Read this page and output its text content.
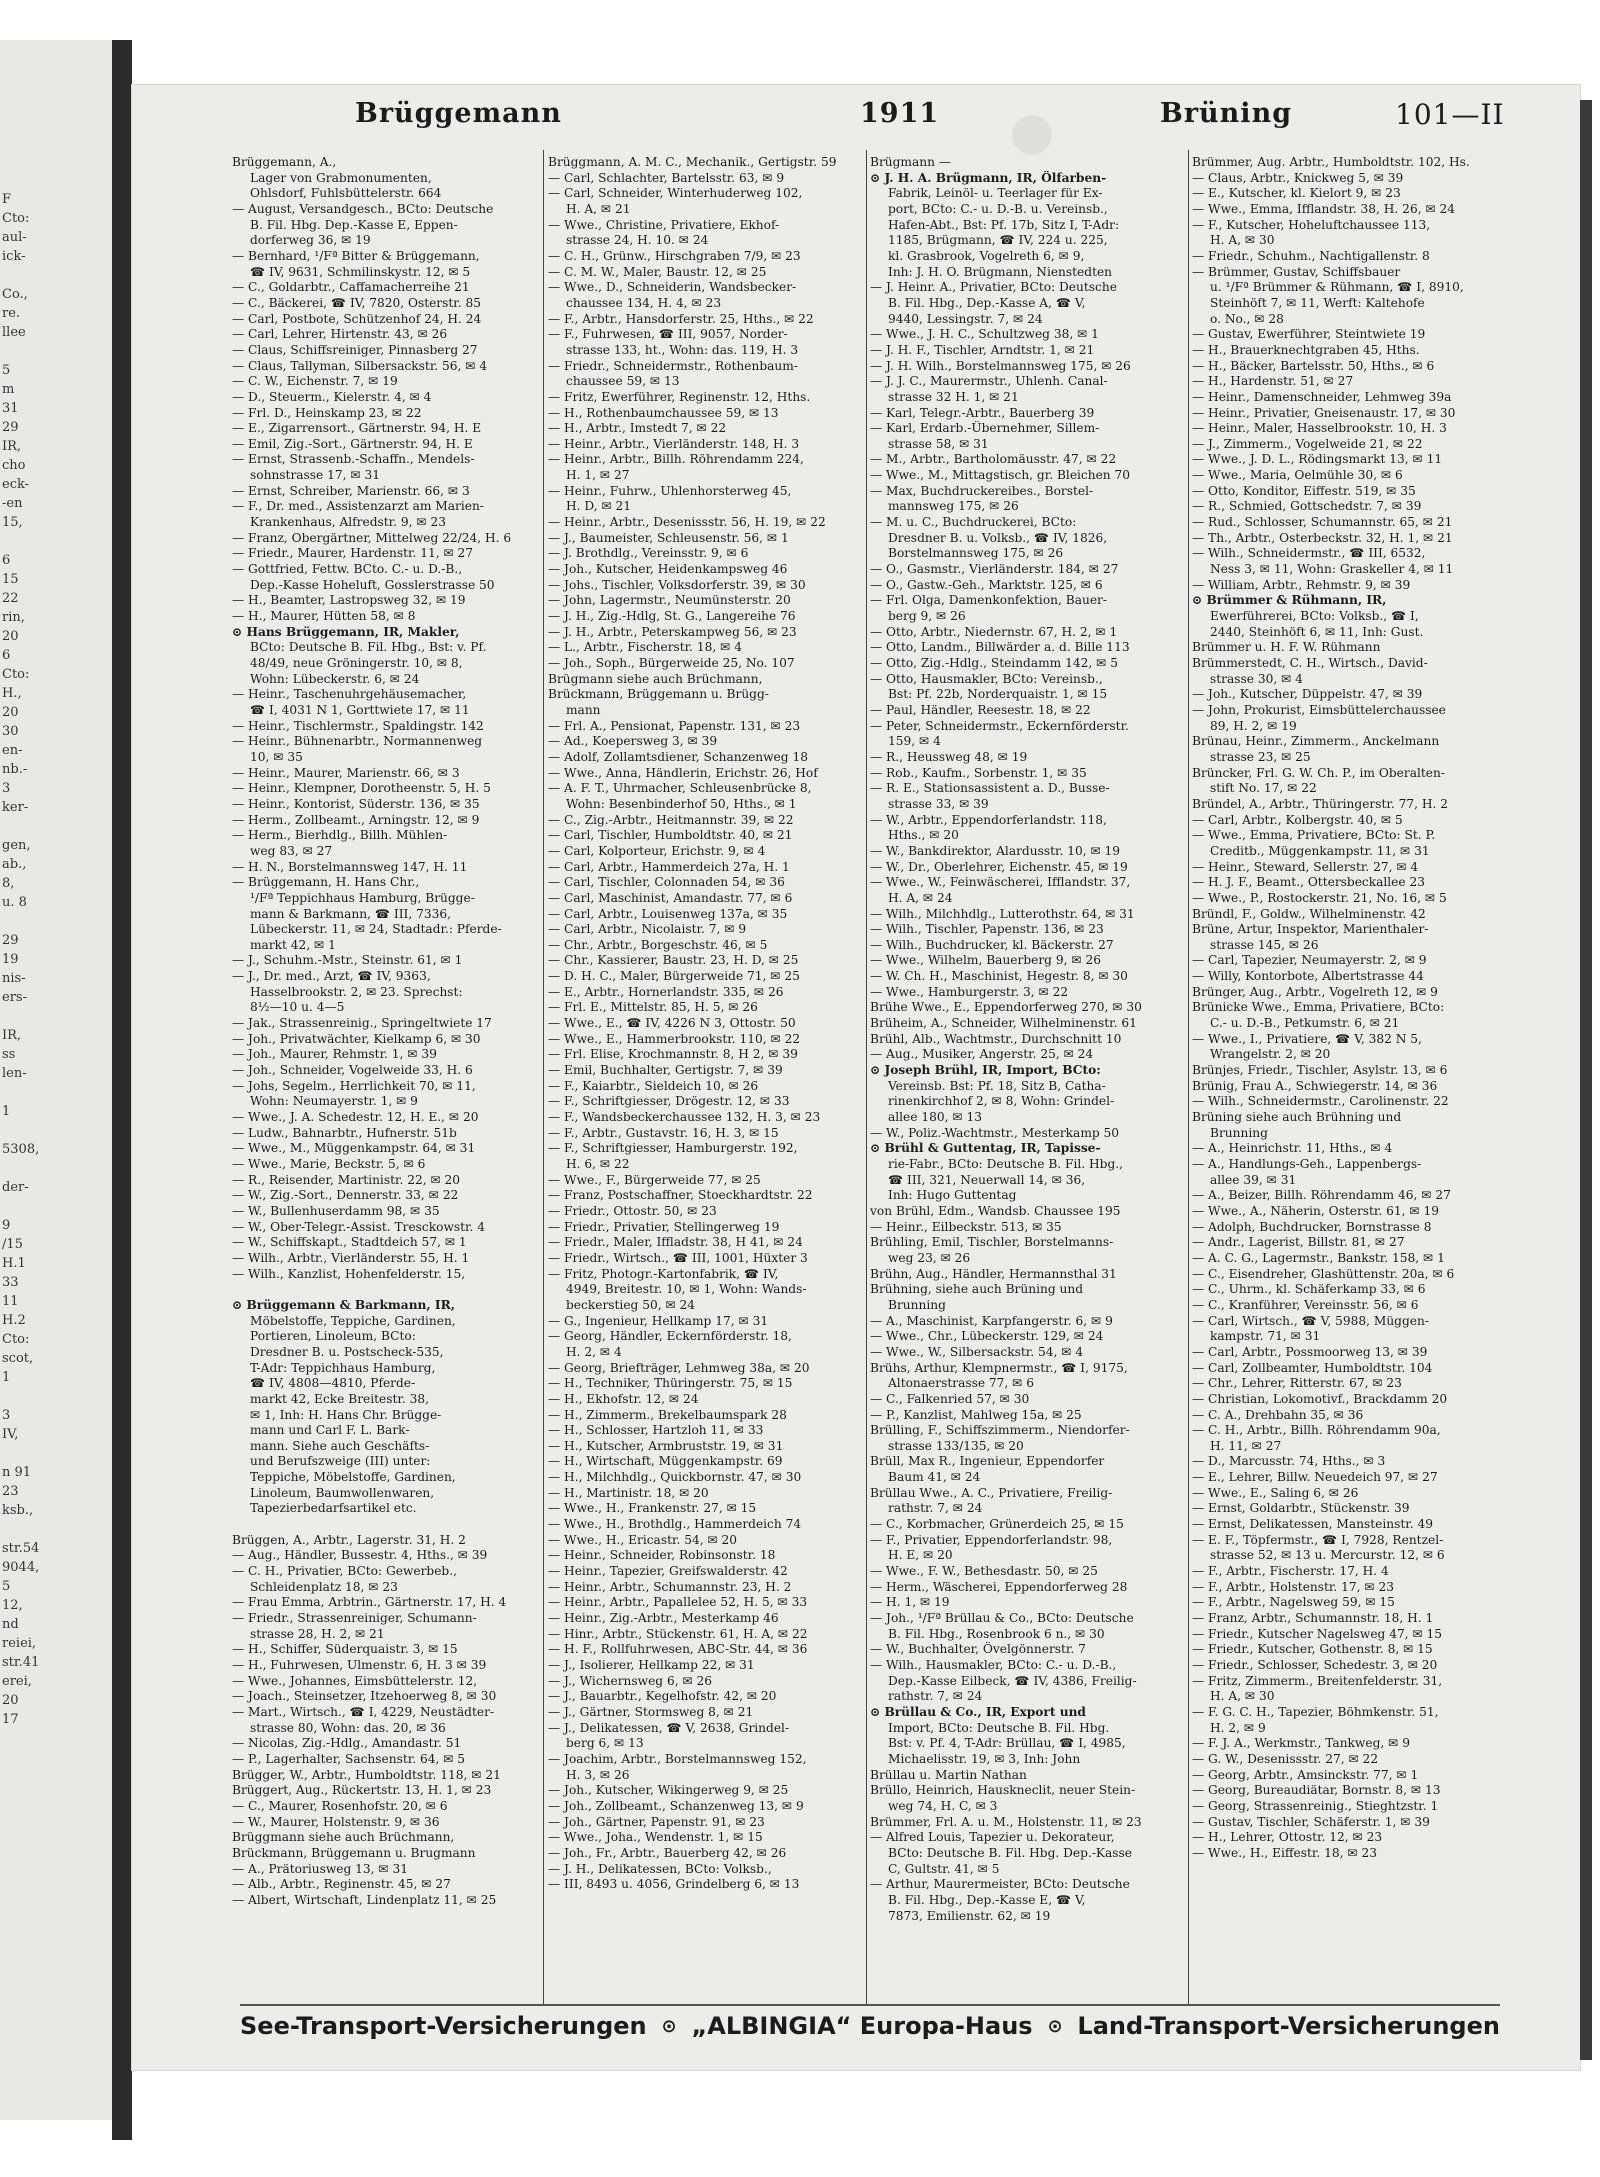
F
Cto:
aul-
ick-

Co.,
re.
llee

5
m
31
29
IR,
cho
eck-
-en
15,

6
15
22
rin,
20
6
Cto:
H.,
20
30
en-
nb.-
3
ker-

gen,
ab.,
8,
u. 8

29
19
nis-
ers-

IR,
ss
len-

1

5308,

der-

9
/15
H.1
33
11
H.2
Cto:
scot,
1

3
IV,

n 91
23
ksb.,

str.54
9044,
5
12,
nd
reiei,
str.41
erei,
20
17
Brüggemann	1911	Brüning	101—II
Brüggemann, A.,
Lager von Grabmonumenten,
Ohlsdorf, Fuhlsbüttelerstr. 664
— August, Versandgesch., BCto: Deutsche
B. Fil. Hbg. Dep.-Kasse E, Eppen-
dorferweg 36, ✉ 19
— Bernhard, ¹/Fª Bitter & Brüggemann,
☎ IV, 9631, Schmilinskystr. 12, ✉ 5
— C., Goldarbtr., Caffamacherreihe 21
— C., Bäckerei, ☎ IV, 7820, Osterstr. 85
— Carl, Postbote, Schützenhof 24, H. 24
— Carl, Lehrer, Hirtenstr. 43, ✉ 26
— Claus, Schiffsreiniger, Pinnasberg 27
— Claus, Tallyman, Silbersackstr. 56, ✉ 4
— C. W., Eichenstr. 7, ✉ 19
— D., Steuerm., Kielerstr. 4, ✉ 4
— Frl. D., Heinskamp 23, ✉ 22
— E., Zigarrensort., Gärtnerstr. 94, H. E
— Emil, Zig.-Sort., Gärtnerstr. 94, H. E
— Ernst, Strassenb.-Schaffn., Mendels-
sohnstrasse 17, ✉ 31
— Ernst, Schreiber, Marienstr. 66, ✉ 3
— F., Dr. med., Assistenzarzt am Marien-
Krankenhaus, Alfredstr. 9, ✉ 23
— Franz, Obergärtner, Mittelweg 22/24, H. 6
— Friedr., Maurer, Hardenstr. 11, ✉ 27
— Gottfried, Fettw. BCto. C.- u. D.-B.,
Dep.-Kasse Hoheluft, Gosslerstrasse 50
— H., Beamter, Lastropsweg 32, ✉ 19
— H., Maurer, Hütten 58, ✉ 8
⊙ Hans Brüggemann, IR, Makler,
BCto: Deutsche B. Fil. Hbg., Bst: v. Pf.
48/49, neue Gröningerstr. 10, ✉ 8,
Wohn: Lübeckerstr. 6, ✉ 24
— Heinr., Taschenuhrgehäusemacher,
☎ I, 4031 N 1, Gorttwiete 17, ✉ 11
— Heinr., Tischlermstr., Spaldingstr. 142
— Heinr., Bühnenarbtr., Normannenweg
10, ✉ 35
— Heinr., Maurer, Marienstr. 66, ✉ 3
— Heinr., Klempner, Dorotheenstr. 5, H. 5
— Heinr., Kontorist, Süderstr. 136, ✉ 35
— Herm., Zollbeamt., Arningstr. 12, ✉ 9
— Herm., Bierhdlg., Billh. Mühlen-
weg 83, ✉ 27
— H. N., Borstelmannsweg 147, H. 11
— Brüggemann, H. Hans Chr.,
¹/Fª Teppichhaus Hamburg, Brügge-
mann & Barkmann, ☎ III, 7336,
Lübeckerstr. 11, ✉ 24, Stadtadr.: Pferde-
markt 42, ✉ 1
— J., Schuhm.-Mstr., Steinstr. 61, ✉ 1
— J., Dr. med., Arzt, ☎ IV, 9363,
Hasselbrookstr. 2, ✉ 23. Sprechst:
8½—10 u. 4—5
— Jak., Strassenreinig., Springeltwiete 17
— Joh., Privatwächter, Kielkamp 6, ✉ 30
— Joh., Maurer, Rehmstr. 1, ✉ 39
— Joh., Schneider, Vogelweide 33, H. 6
— Johs, Segelm., Herrlichkeit 70, ✉ 11,
Wohn: Neumayerstr. 1, ✉ 9
— Wwe., J. A. Schedestr. 12, H. E., ✉ 20
— Ludw., Bahnarbtr., Hufnerstr. 51b
— Wwe., M., Müggenkampstr. 64, ✉ 31
— Wwe., Marie, Beckstr. 5, ✉ 6
— R., Reisender, Martinistr. 22, ✉ 20
— W., Zig.-Sort., Dennerstr. 33, ✉ 22
— W., Bullenhuserdamm 98, ✉ 35
— W., Ober-Telegr.-Assist. Tresckowstr. 4
— W., Schiffskapt., Stadtdeich 57, ✉ 1
— Wilh., Arbtr., Vierländerstr. 55, H. 1
— Wilh., Kanzlist, Hohenfelderstr. 15,

⊙ Brüggemann & Barkmann, IR,
Möbelstoffe, Teppiche, Gardinen,
Portieren, Linoleum, BCto:
Dresdner B. u. Postscheck-535,
T-Adr: Teppichhaus Hamburg,
☎ IV, 4808—4810, Pferde-
markt 42, Ecke Breitestr. 38,
✉ 1, Inh: H. Hans Chr. Brügge-
mann und Carl F. L. Bark-
mann. Siehe auch Geschäfts-
und Berufszweige (III) unter:
Teppiche, Möbelstoffe, Gardinen,
Linoleum, Baumwollenwaren,
Tapezierbedarfsartikel etc.

Brüggen, A., Arbtr., Lagerstr. 31, H. 2
— Aug., Händler, Bussestr. 4, Hths., ✉ 39
— C. H., Privatier, BCto: Gewerbeb.,
Schleidenplatz 18, ✉ 23
— Frau Emma, Arbtrin., Gärtnerstr. 17, H. 4
— Friedr., Strassenreiniger, Schumann-
strasse 28, H. 2, ✉ 21
— H., Schiffer, Süderquaistr. 3, ✉ 15
— H., Fuhrwesen, Ulmenstr. 6, H. 3 ✉ 39
— Wwe., Johannes, Eimsbüttelerstr. 12,
— Joach., Steinsetzer, Itzehoerweg 8, ✉ 30
— Mart., Wirtsch., ☎ I, 4229, Neustädter-
strasse 80, Wohn: das. 20, ✉ 36
— Nicolas, Zig.-Hdlg., Amandastr. 51
— P., Lagerhalter, Sachsenstr. 64, ✉ 5
Brügger, W., Arbtr., Humboldtstr. 118, ✉ 21
Brüggert, Aug., Rückertstr. 13, H. 1, ✉ 23
— C., Maurer, Rosenhofstr. 20, ✉ 6
— W., Maurer, Holstenstr. 9, ✉ 36
Brüggmann siehe auch Brüchmann,
Brückmann, Brüggemann u. Brugmann
— A., Prätoriusweg 13, ✉ 31
— Alb., Arbtr., Reginenstr. 45, ✉ 27
— Albert, Wirtschaft, Lindenplatz 11, ✉ 25
Brüggmann, A. M. C., Mechanik., Gertigstr. 59
— Carl, Schlachter, Bartelsstr. 63, ✉ 9
— Carl, Schneider, Winterhuderweg 102,
H. A, ✉ 21
— Wwe., Christine, Privatiere, Ekhof-
strasse 24, H. 10. ✉ 24
— C. H., Grünw., Hirschgraben 7/9, ✉ 23
— C. M. W., Maler, Baustr. 12, ✉ 25
— Wwe., D., Schneiderin, Wandsbecker-
chaussee 134, H. 4, ✉ 23
— F., Arbtr., Hansdorferstr. 25, Hths., ✉ 22
— F., Fuhrwesen, ☎ III, 9057, Norder-
strasse 133, ht., Wohn: das. 119, H. 3
— Friedr., Schneidermstr., Rothenbaum-
chaussee 59, ✉ 13
— Fritz, Ewerführer, Reginenstr. 12, Hths.
— H., Rothenbaumchaussee 59, ✉ 13
— H., Arbtr., Imstedt 7, ✉ 22
— Heinr., Arbtr., Vierländerstr. 148, H. 3
— Heinr., Arbtr., Billh. Röhrendamm 224,
H. 1, ✉ 27
— Heinr., Fuhrw., Uhlenhorsterweg 45,
H. D, ✉ 21
— Heinr., Arbtr., Desenissstr. 56, H. 19, ✉ 22
— J., Baumeister, Schleusenstr. 56, ✉ 1
— J. Brothdlg., Vereinsstr. 9, ✉ 6
— Joh., Kutscher, Heidenkampsweg 46
— Johs., Tischler, Volksdorferstr. 39, ✉ 30
— John, Lagermstr., Neumünsterstr. 20
— J. H., Zig.-Hdlg, St. G., Langereihe 76
— J. H., Arbtr., Peterskampweg 56, ✉ 23
— L., Arbtr., Fischerstr. 18, ✉ 4
— Joh., Soph., Bürgerweide 25, No. 107
Brügmann siehe auch Brüchmann,
Brückmann, Brüggemann u. Brügg-
mann
— Frl. A., Pensionat, Papenstr. 131, ✉ 23
— Ad., Koepersweg 3, ✉ 39
— Adolf, Zollamtsdiener, Schanzenweg 18
— Wwe., Anna, Händlerin, Erichstr. 26, Hof
— A. F. T., Uhrmacher, Schleusenbrücke 8,
Wohn: Besenbinderhof 50, Hths., ✉ 1
— C., Zig.-Arbtr., Heitmannstr. 39, ✉ 22
— Carl, Tischler, Humboldtstr. 40, ✉ 21
— Carl, Kolporteur, Erichstr. 9, ✉ 4
— Carl, Arbtr., Hammerdeich 27a, H. 1
— Carl, Tischler, Colonnaden 54, ✉ 36
— Carl, Maschinist, Amandastr. 77, ✉ 6
— Carl, Arbtr., Louisenweg 137a, ✉ 35
— Carl, Arbtr., Nicolaistr. 7, ✉ 9
— Chr., Arbtr., Borgeschstr. 46, ✉ 5
— Chr., Kassierer, Baustr. 23, H. D, ✉ 25
— D. H. C., Maler, Bürgerweide 71, ✉ 25
— E., Arbtr., Hornerlandstr. 335, ✉ 26
— Frl. E., Mittelstr. 85, H. 5, ✉ 26
— Wwe., E., ☎ IV, 4226 N 3, Ottostr. 50
— Wwe., E., Hammerbrookstr. 110, ✉ 22
— Frl. Elise, Krochmannstr. 8, H 2, ✉ 39
— Emil, Buchhalter, Gertigstr. 7, ✉ 39
— F., Kaiarbtr., Sieldeich 10, ✉ 26
— F., Schriftgiesser, Drögestr. 12, ✉ 33
— F., Wandsbeckerchaussee 132, H. 3, ✉ 23
— F., Arbtr., Gustavstr. 16, H. 3, ✉ 15
— F., Schriftgiesser, Hamburgerstr. 192,
H. 6, ✉ 22
— Wwe., F., Bürgerweide 77, ✉ 25
— Franz, Postschaffner, Stoeckhardtstr. 22
— Friedr., Ottostr. 50, ✉ 23
— Friedr., Privatier, Stellingerweg 19
— Friedr., Maler, Iffladstr. 38, H 41, ✉ 24
— Friedr., Wirtsch., ☎ III, 1001, Hüxter 3
— Fritz, Photogr.-Kartonfabrik, ☎ IV,
4949, Breitestr. 10, ✉ 1, Wohn: Wands-
beckerstieg 50, ✉ 24
— G., Ingenieur, Hellkamp 17, ✉ 31
— Georg, Händler, Eckernförderstr. 18,
H. 2, ✉ 4
— Georg, Briefträger, Lehmweg 38a, ✉ 20
— H., Techniker, Thüringerstr. 75, ✉ 15
— H., Ekhofstr. 12, ✉ 24
— H., Zimmerm., Brekelbaumspark 28
— H., Schlosser, Hartzloh 11, ✉ 33
— H., Kutscher, Armbruststr. 19, ✉ 31
— H., Wirtschaft, Müggenkampstr. 69
— H., Milchhdlg., Quickbornstr. 47, ✉ 30
— H., Martinistr. 18, ✉ 20
— Wwe., H., Frankenstr. 27, ✉ 15
— Wwe., H., Brothdlg., Hammerdeich 74
— Wwe., H., Ericastr. 54, ✉ 20
— Heinr., Schneider, Robinsonstr. 18
— Heinr., Tapezier, Greifswalderstr. 42
— Heinr., Arbtr., Schumannstr. 23, H. 2
— Heinr., Arbtr., Papallelee 52, H. 5, ✉ 33
— Heinr., Zig.-Arbtr., Mesterkamp 46
— Hinr., Arbtr., Stückenstr. 61, H. A, ✉ 22
— H. F., Rollfuhrwesen, ABC-Str. 44, ✉ 36
— J., Isolierer, Hellkamp 22, ✉ 31
— J., Wichernsweg 6, ✉ 26
— J., Bauarbtr., Kegelhofstr. 42, ✉ 20
— J., Gärtner, Stormsweg 8, ✉ 21
— J., Delikatessen, ☎ V, 2638, Grindel-
berg 6, ✉ 13
— Joachim, Arbtr., Borstelmannsweg 152,
H. 3, ✉ 26
— Joh., Kutscher, Wikingerweg 9, ✉ 25
— Joh., Zollbeamt., Schanzenweg 13, ✉ 9
— Joh., Gärtner, Papenstr. 91, ✉ 23
— Wwe., Joha., Wendenstr. 1, ✉ 15
— Joh., Fr., Arbtr., Bauerberg 42, ✉ 26
— J. H., Delikatessen, BCto: Volksb.,
— III, 8493 u. 4056, Grindelberg 6, ✉ 13
Brügmann —
⊙ J. H. A. Brügmann, IR, Ölfarben-
Fabrik, Leinöl- u. Teerlager für Ex-
port, BCto: C.- u. D.-B. u. Vereinsb.,
Hafen-Abt., Bst: Pf. 17b, Sitz I, T-Adr:
1185, Brügmann, ☎ IV, 224 u. 225,
kl. Grasbrook, Vogelreth 6, ✉ 9,
Inh: J. H. O. Brügmann, Nienstedten
— J. Heinr. A., Privatier, BCto: Deutsche
B. Fil. Hbg., Dep.-Kasse A, ☎ V,
9440, Lessingstr. 7, ✉ 24
— Wwe., J. H. C., Schultzweg 38, ✉ 1
— J. H. F., Tischler, Arndtstr. 1, ✉ 21
— J. H. Wilh., Borstelmannsweg 175, ✉ 26
— J. J. C., Maurermstr., Uhlenh. Canal-
strasse 32 H. 1, ✉ 21
— Karl, Telegr.-Arbtr., Bauerberg 39
— Karl, Erdarb.-Übernehmer, Sillem-
strasse 58, ✉ 31
— M., Arbtr., Bartholomäusstr. 47, ✉ 22
— Wwe., M., Mittagstisch, gr. Bleichen 70
— Max, Buchdruckereibes., Borstel-
mannsweg 175, ✉ 26
— M. u. C., Buchdruckerei, BCto:
Dresdner B. u. Volksb., ☎ IV, 1826,
Borstelmannsweg 175, ✉ 26
— O., Gasmstr., Vierländerstr. 184, ✉ 27
— O., Gastw.-Geh., Marktstr. 125, ✉ 6
— Frl. Olga, Damenkonfektion, Bauer-
berg 9, ✉ 26
— Otto, Arbtr., Niedernstr. 67, H. 2, ✉ 1
— Otto, Landm., Billwärder a. d. Bille 113
— Otto, Zig.-Hdlg., Steindamm 142, ✉ 5
— Otto, Hausmakler, BCto: Vereinsb.,
Bst: Pf. 22b, Norderquaistr. 1, ✉ 15
— Paul, Händler, Reesestr. 18, ✉ 22
— Peter, Schneidermstr., Eckernförderstr.
159, ✉ 4
— R., Heussweg 48, ✉ 19
— Rob., Kaufm., Sorbenstr. 1, ✉ 35
— R. E., Stationsassistent a. D., Busse-
strasse 33, ✉ 39
— W., Arbtr., Eppendorferlandstr. 118,
Hths., ✉ 20
— W., Bankdirektor, Alardusstr. 10, ✉ 19
— W., Dr., Oberlehrer, Eichenstr. 45, ✉ 19
— Wwe., W., Feinwäscherei, Ifflandstr. 37,
H. A, ✉ 24
— Wilh., Milchhdlg., Lutterothstr. 64, ✉ 31
— Wilh., Tischler, Papenstr. 136, ✉ 23
— Wilh., Buchdrucker, kl. Bäckerstr. 27
— Wwe., Wilhelm, Bauerberg 9, ✉ 26
— W. Ch. H., Maschinist, Hegestr. 8, ✉ 30
— Wwe., Hamburgerstr. 3, ✉ 22
Brühe Wwe., E., Eppendorferweg 270, ✉ 30
Brüheim, A., Schneider, Wilhelminenstr. 61
Brühl, Alb., Wachtmstr., Durchschnitt 10
— Aug., Musiker, Angerstr. 25, ✉ 24
⊙ Joseph Brühl, IR, Import, BCto:
Vereinsb. Bst: Pf. 18, Sitz B, Catha-
rinenkirchhof 2, ✉ 8, Wohn: Grindel-
allee 180, ✉ 13
— W., Poliz.-Wachtmstr., Mesterkamp 50
⊙ Brühl & Guttentag, IR, Tapisse-
rie-Fabr., BCto: Deutsche B. Fil. Hbg.,
☎ III, 321, Neuerwall 14, ✉ 36,
Inh: Hugo Guttentag
von Brühl, Edm., Wandsb. Chaussee 195
— Heinr., Eilbeckstr. 513, ✉ 35
Brühling, Emil, Tischler, Borstelmanns-
weg 23, ✉ 26
Brühn, Aug., Händler, Hermannsthal 31
Brühning, siehe auch Brüning und
Brunning
— A., Maschinist, Karpfangerstr. 6, ✉ 9
— Wwe., Chr., Lübeckerstr. 129, ✉ 24
— Wwe., W., Silbersackstr. 54, ✉ 4
Brühs, Arthur, Klempnermstr., ☎ I, 9175,
Altonaerstrasse 77, ✉ 6
— C., Falkenried 57, ✉ 30
— P., Kanzlist, Mahlweg 15a, ✉ 25
Brülling, F., Schiffszimmerm., Niendorfer-
strasse 133/135, ✉ 20
Brüll, Max R., Ingenieur, Eppendorfer
Baum 41, ✉ 24
Brüllau Wwe., A. C., Privatiere, Freilig-
rathstr. 7, ✉ 24
— C., Korbmacher, Grünerdeich 25, ✉ 15
— F., Privatier, Eppendorferlandstr. 98,
H. E, ✉ 20
— Wwe., F. W., Bethesdastr. 50, ✉ 25
— Herm., Wäscherei, Eppendorferweg 28
— H. 1, ✉ 19
— Joh., ¹/Fª Brüllau & Co., BCto: Deutsche
B. Fil. Hbg., Rosenbrook 6 n., ✉ 30
— W., Buchhalter, Övelgönnerstr. 7
— Wilh., Hausmakler, BCto: C.- u. D.-B.,
Dep.-Kasse Eilbeck, ☎ IV, 4386, Freilig-
rathstr. 7, ✉ 24
⊙ Brüllau & Co., IR, Export und
Import, BCto: Deutsche B. Fil. Hbg.
Bst: v. Pf. 4, T-Adr: Brüllau, ☎ I, 4985,
Michaelisstr. 19, ✉ 3, Inh: John
Brüllau u. Martin Nathan
Brüllo, Heinrich, Hauskneclit, neuer Stein-
weg 74, H. C, ✉ 3
Brümmer, Frl. A. u. M., Holstenstr. 11, ✉ 23
— Alfred Louis, Tapezier u. Dekorateur,
BCto: Deutsche B. Fil. Hbg. Dep.-Kasse
C, Gultstr. 41, ✉ 5
— Arthur, Maurermeister, BCto: Deutsche
B. Fil. Hbg., Dep.-Kasse E, ☎ V,
7873, Emilienstr. 62, ✉ 19
Brümmer, Aug. Arbtr., Humboldtstr. 102, Hs.
— Claus, Arbtr., Knickweg 5, ✉ 39
— E., Kutscher, kl. Kielort 9, ✉ 23
— Wwe., Emma, Ifflandstr. 38, H. 26, ✉ 24
— F., Kutscher, Hoheluftchaussee 113,
H. A, ✉ 30
— Friedr., Schuhm., Nachtigallenstr. 8
— Brümmer, Gustav, Schiffsbauer
u. ¹/Fª Brümmer & Rühmann, ☎ I, 8910,
Steinhöft 7, ✉ 11, Werft: Kaltehofe
o. No., ✉ 28
— Gustav, Ewerführer, Steintwiete 19
— H., Brauerknechtgraben 45, Hths.
— H., Bäcker, Bartelsstr. 50, Hths., ✉ 6
— H., Hardenstr. 51, ✉ 27
— Heinr., Damenschneider, Lehmweg 39a
— Heinr., Privatier, Gneisenaustr. 17, ✉ 30
— Heinr., Maler, Hasselbrookstr. 10, H. 3
— J., Zimmerm., Vogelweide 21, ✉ 22
— Wwe., J. D. L., Rödingsmarkt 13, ✉ 11
— Wwe., Maria, Oelmühle 30, ✉ 6
— Otto, Konditor, Eiffestr. 519, ✉ 35
— R., Schmied, Gottschedstr. 7, ✉ 39
— Rud., Schlosser, Schumannstr. 65, ✉ 21
— Th., Arbtr., Osterbeckstr. 32, H. 1, ✉ 21
— Wilh., Schneidermstr., ☎ III, 6532,
Ness 3, ✉ 11, Wohn: Graskeller 4, ✉ 11
— William, Arbtr., Rehmstr. 9, ✉ 39
⊙ Brümmer & Rühmann, IR,
Ewerführerei, BCto: Volksb., ☎ I,
2440, Steinhöft 6, ✉ 11, Inh: Gust.
Brümmer u. H. F. W. Rühmann
Brümmerstedt, C. H., Wirtsch., David-
strasse 30, ✉ 4
— Joh., Kutscher, Düppelstr. 47, ✉ 39
— John, Prokurist, Eimsbüttelerchaussee
89, H. 2, ✉ 19
Brünau, Heinr., Zimmerm., Anckelmann
strasse 23, ✉ 25
Brüncker, Frl. G. W. Ch. P., im Oberalten-
stift No. 17, ✉ 22
Bründel, A., Arbtr., Thüringerstr. 77, H. 2
— Carl, Arbtr., Kolbergstr. 40, ✉ 5
— Wwe., Emma, Privatiere, BCto: St. P.
Creditb., Müggenkampstr. 11, ✉ 31
— Heinr., Steward, Sellerstr. 27, ✉ 4
— H. J. F., Beamt., Ottersbeckallee 23
— Wwe., P., Rostockerstr. 21, No. 16, ✉ 5
Bründl, F., Goldw., Wilhelminenstr. 42
Brüne, Artur, Inspektor, Marienthaler-
strasse 145, ✉ 26
— Carl, Tapezier, Neumayerstr. 2, ✉ 9
— Willy, Kontorbote, Albertstrasse 44
Brünger, Aug., Arbtr., Vogelreth 12, ✉ 9
Brünicke Wwe., Emma, Privatiere, BCto:
C.- u. D.-B., Petkumstr. 6, ✉ 21
— Wwe., I., Privatiere, ☎ V, 382 N 5,
Wrangelstr. 2, ✉ 20
Brünjes, Friedr., Tischler, Asylstr. 13, ✉ 6
Brünig, Frau A., Schwiegerstr. 14, ✉ 36
— Wilh., Schneidermstr., Carolinenstr. 22
Brüning siehe auch Brühning und
Brunning
— A., Heinrichstr. 11, Hths., ✉ 4
— A., Handlungs-Geh., Lappenbergs-
allee 39, ✉ 31
— A., Beizer, Billh. Röhrendamm 46, ✉ 27
— Wwe., A., Näherin, Osterstr. 61, ✉ 19
— Adolph, Buchdrucker, Bornstrasse 8
— Andr., Lagerist, Billstr. 81, ✉ 27
— A. C. G., Lagermstr., Bankstr. 158, ✉ 1
— C., Eisendreher, Glashüttenstr. 20a, ✉ 6
— C., Uhrm., kl. Schäferkamp 33, ✉ 6
— C., Kranführer, Vereinsstr. 56, ✉ 6
— Carl, Wirtsch., ☎ V, 5988, Müggen-
kampstr. 71, ✉ 31
— Carl, Arbtr., Possmoorweg 13, ✉ 39
— Carl, Zollbeamter, Humboldtstr. 104
— Chr., Lehrer, Ritterstr. 67, ✉ 23
— Christian, Lokomotivf., Brackdamm 20
— C. A., Drehbahn 35, ✉ 36
— C. H., Arbtr., Billh. Röhrendamm 90a,
H. 11, ✉ 27
— D., Marcusstr. 74, Hths., ✉ 3
— E., Lehrer, Billw. Neuedeich 97, ✉ 27
— Wwe., E., Saling 6, ✉ 26
— Ernst, Goldarbtr., Stückenstr. 39
— Ernst, Delikatessen, Mansteinstr. 49
— E. F., Töpfermstr., ☎ I, 7928, Rentzel-
strasse 52, ✉ 13 u. Mercurstr. 12, ✉ 6
— F., Arbtr., Fischerstr. 17, H. 4
— F., Arbtr., Holstenstr. 17, ✉ 23
— F., Arbtr., Nagelsweg 59, ✉ 15
— Franz, Arbtr., Schumannstr. 18, H. 1
— Friedr., Kutscher Nagelsweg 47, ✉ 15
— Friedr., Kutscher, Gothenstr. 8, ✉ 15
— Friedr., Schlosser, Schedestr. 3, ✉ 20
— Fritz, Zimmerm., Breitenfelderstr. 31,
H. A, ✉ 30
— F. G. C. H., Tapezier, Böhmkenstr. 51,
H. 2, ✉ 9
— F. J. A., Werkmstr., Tankweg, ✉ 9
— G. W., Desenissstr. 27, ✉ 22
— Georg, Arbtr., Amsinckstr. 77, ✉ 1
— Georg, Bureaudiätar, Bornstr. 8, ✉ 13
— Georg, Strassenreinig., Stieghtzstr. 1
— Gustav, Tischler, Schäferstr. 1, ✉ 39
— H., Lehrer, Ottostr. 12, ✉ 23
— Wwe., H., Eiffestr. 18, ✉ 23
See-Transport-Versicherungen ⊙ „ALBINGIA“ Europa-Haus ⊙ Land-Transport-Versicherungen
